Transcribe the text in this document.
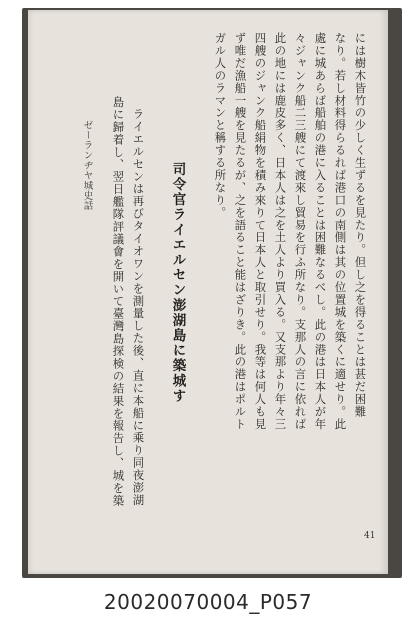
には樹木皆竹の少しく生ずるを見たり。但し之を得ることは甚だ困難
なり。若し材料得らるれば港口の南側は其の位置城を築くに適せり。此
處に城あらば船舶の港に入ることは困難なるべし。此の港は日本人が年
々ジャンク船二三艘にて渡來し貿易を行ふ所なり。支那人の言に依れば
此の地には鹿皮多く、日本人は之を土人より買入る。又支那より年々三
四艘のジャンク船絹物を積み來りて日本人と取引せり。我等は何人も見
ず唯だ漁船一艘を見たるが、之を語ること能はざりき。此の港はポルト
ガル人のラマンと稱する所なり。
司令官ライエルセン澎湖島に築城す
ライエルセンは再びタイオワンを測量した後、直に本船に乘り同夜澎湖
島に歸着し、翌日艦隊評議會を開いて臺灣島探検の結果を報告し、城を築
ゼーランヂヤ城史話
41
20020070004_P057
